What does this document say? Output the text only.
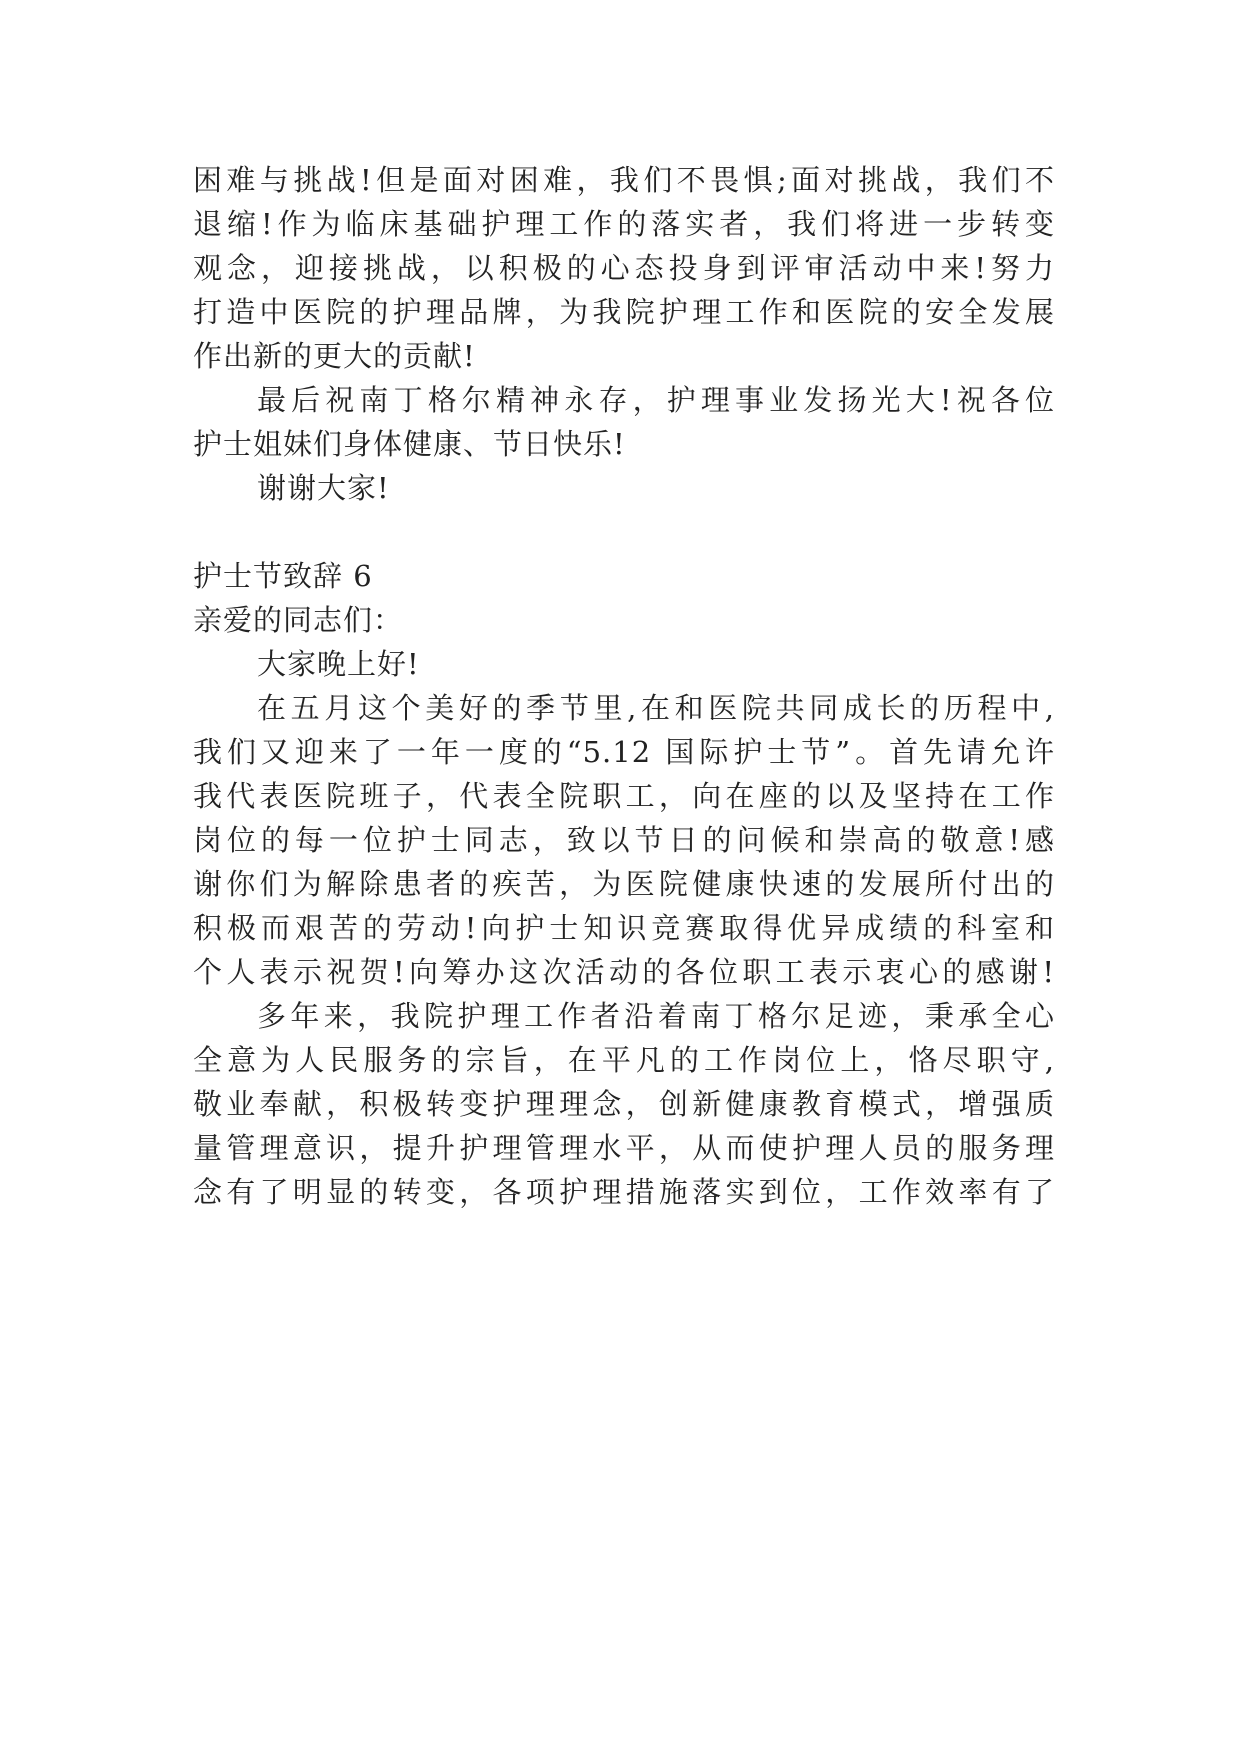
困难与挑战!但是面对困难，我们不畏惧;面对挑战，我们不
退缩!作为临床基础护理工作的落实者，我们将进一步转变
观念，迎接挑战，以积极的心态投身到评审活动中来!努力
打造中医院的护理品牌，为我院护理工作和医院的安全发展
作出新的更大的贡献!
最后祝南丁格尔精神永存，护理事业发扬光大!祝各位
护士姐妹们身体健康、节日快乐!
谢谢大家!
护士节致辞 6
亲爱的同志们：
大家晚上好!
在五月这个美好的季节里,在和医院共同成长的历程中,
我们又迎来了一年一度的“5.12 国际护士节”。首先请允许
我代表医院班子，代表全院职工，向在座的以及坚持在工作
岗位的每一位护士同志，致以节日的问候和崇高的敬意!感
谢你们为解除患者的疾苦，为医院健康快速的发展所付出的
积极而艰苦的劳动!向护士知识竞赛取得优异成绩的科室和
个人表示祝贺!向筹办这次活动的各位职工表示衷心的感谢!
多年来，我院护理工作者沿着南丁格尔足迹，秉承全心
全意为人民服务的宗旨，在平凡的工作岗位上，恪尽职守,
敬业奉献，积极转变护理理念，创新健康教育模式，增强质
量管理意识，提升护理管理水平，从而使护理人员的服务理
念有了明显的转变，各项护理措施落实到位，工作效率有了
